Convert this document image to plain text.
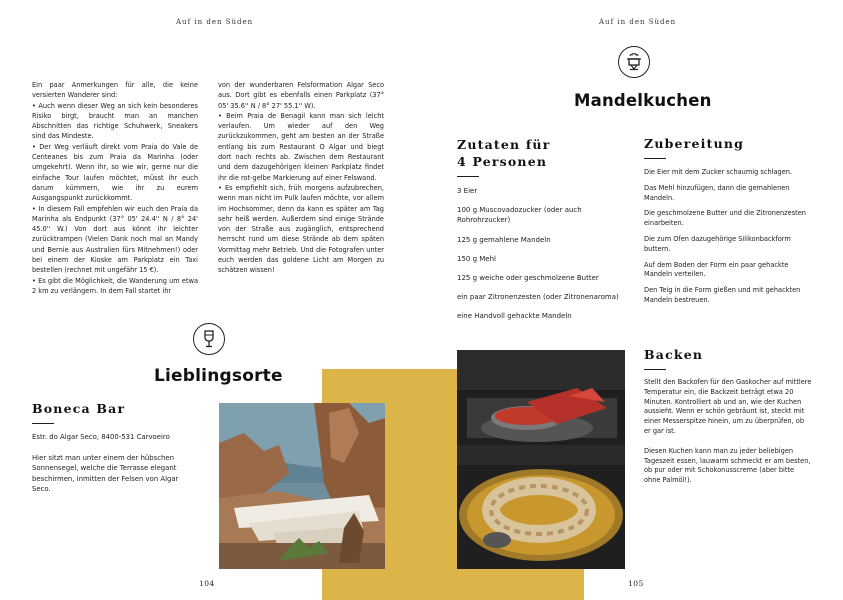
Auf in den Süden	Auf in den Süden

Ein paar Anmerkungen für alle, die keine versierten Wanderer sind:

• Auch wenn dieser Weg an sich kein besonderes Risiko birgt, braucht man an manchen Abschnitten das richtige Schuhwerk, Sneakers sind das Mindeste.

• Der Weg verläuft direkt vom Praia do Vale de Centeanes bis zum Praia da Marinha (oder umgekehrt). Wenn ihr, so wie wir, gerne nur die einfache Tour laufen möchtet, müsst ihr euch darum kümmern, wie ihr zu eurem Ausgangspunkt zurückkommt.

• In diesem Fall empfehlen wir euch den Praia da Marinha als Endpunkt (37° 05' 24.4'' N / 8° 24' 45.0'' W.) Von dort aus könnt ihr leichter zurücktrampen (Vielen Dank noch mal an Mandy und Bernie aus Australien fürs Mitnehmen!) oder bei einem der Kioske am Parkplatz ein Taxi bestellen (rechnet mit ungefähr 15 €).

• Es gibt die Möglichkeit, die Wanderung um etwa 2 km zu verlängern. In dem Fall startet ihr

von der wunderbaren Felsformation Algar Seco aus. Dort gibt es ebenfalls einen Parkplatz (37° 05' 35.6'' N / 8° 27' 55.1'' W).

• Beim Praia de Benagil kann man sich leicht verlaufen. Um wieder auf den Weg zurückzukommen, geht am besten an der Straße entlang bis zum Restaurant O Algar und biegt dort nach rechts ab. Zwischen dem Restaurant und dem dazugehörigen kleinen Parkplatz findet ihr die rot-gelbe Markierung auf einer Felswand.

• Es empfiehlt sich, früh morgens aufzubrechen, wenn man nicht im Pulk laufen möchte, vor allem im Hochsommer, denn da kann es später am Tag sehr heiß werden. Außerdem sind einige Strände von der Straße aus zugänglich, entsprechend herrscht rund um diese Strände ab dem späten Vormittag mehr Betrieb. Und die Fotografen unter euch werden das goldene Licht am Morgen zu schätzen wissen!

Lieblingsorte
Boneca Bar
Estr. do Algar Seco, 8400-531 Carvoeiro
Hier sitzt man unter einem der hübschen Sonnensegel, welche die Terrasse elegant beschirmen, inmitten der Felsen von Algar Seco.
104
Mandelkuchen
Zutaten für 4 Personen

3 Eier

100 g Muscovadozucker (oder auch Rohrohrzucker)

125 g gemahlene Mandeln

150 g Mehl

125 g weiche oder geschmolzene Butter

ein paar Zitronenzesten (oder Zitronenaroma)

eine Handvoll gehackte Mandeln

Zubereitung

Die Eier mit dem Zucker schaumig schlagen.

Das Mehl hinzufügen, dann die gemahlenen Mandeln.

Die geschmolzene Butter und die Zitronenzesten einarbeiten.

Die zum Ofen dazugehörige Silikonbackform buttern.

Auf dem Boden der Form ein paar gehackte Mandeln verteilen.

Den Teig in die Form gießen und mit gehackten Mandeln bestreuen.

Backen

Stellt den Backofen für den Gaskocher auf mittlere Temperatur ein, die Backzeit beträgt etwa 20 Minuten. Kontrolliert ab und an, wie der Kuchen aussieht. Wenn er schön gebräunt ist, steckt mit einer Messerspitze hinein, um zu überprüfen, ob er gar ist.

Diesen Kuchen kann man zu jeder beliebigen Tageszeit essen, lauwarm schmeckt er am besten, ob pur oder mit Schokonusscreme (aber bitte ohne Palmöl!).

105
